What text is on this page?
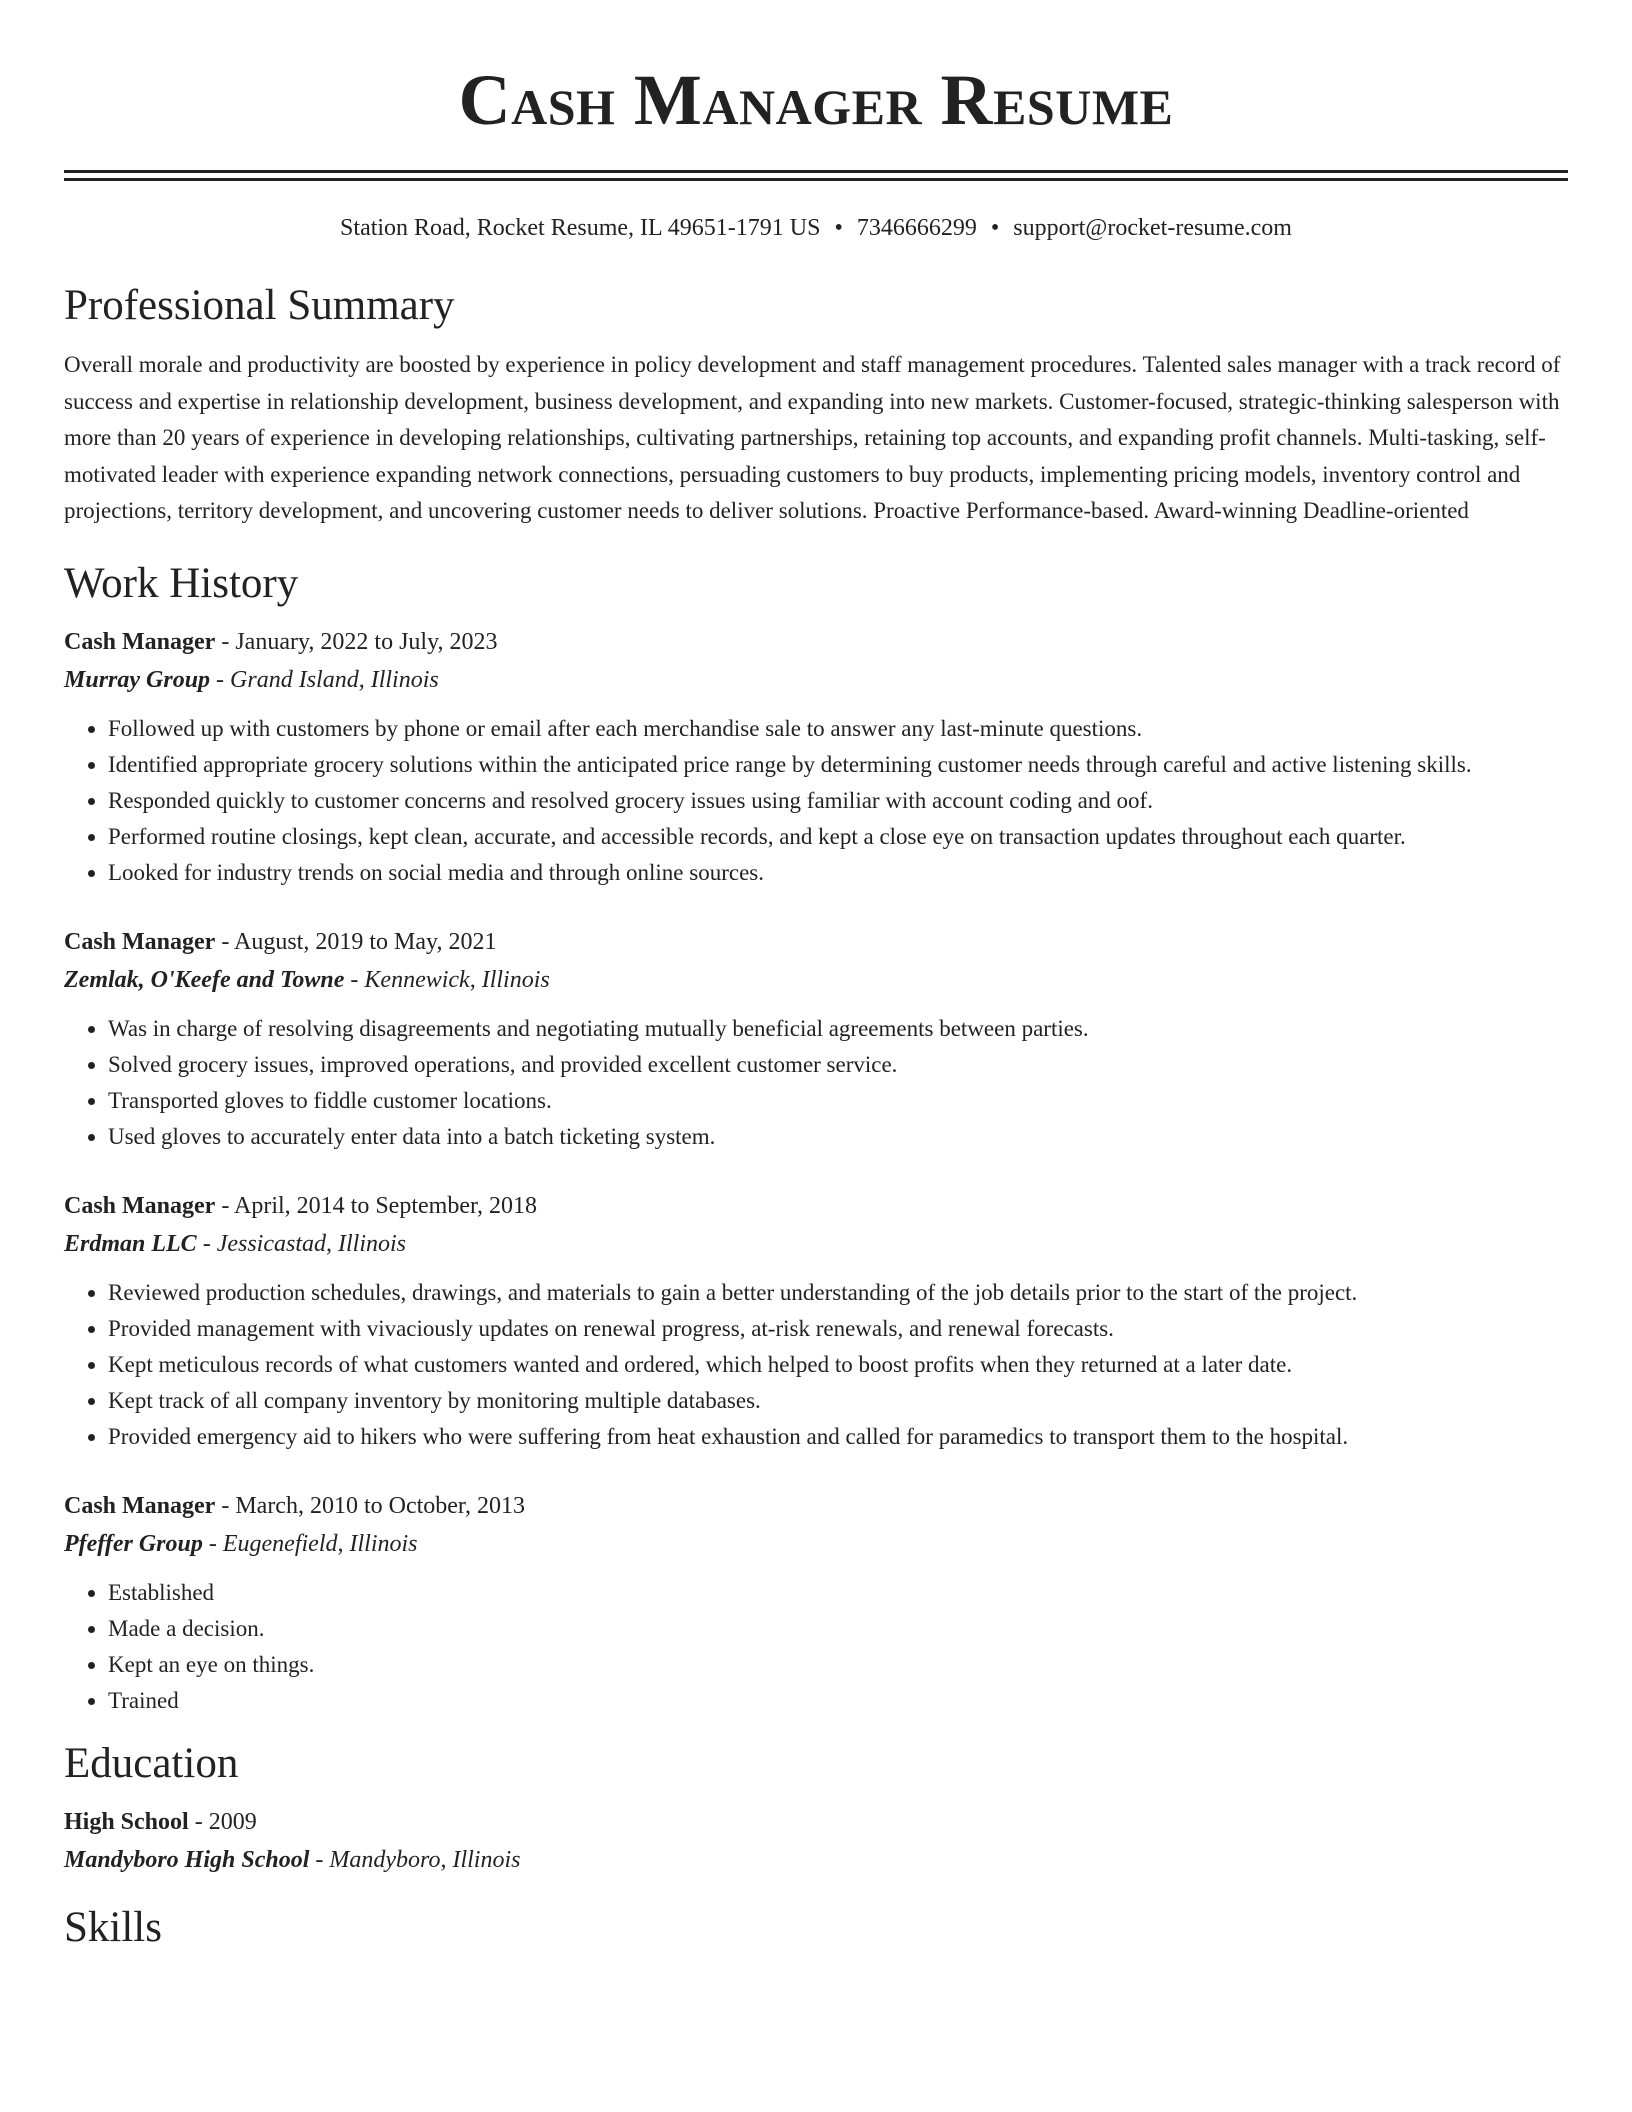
Cash Manager Resume
Station Road, Rocket Resume, IL 49651-1791 US • 7346666299 • support@rocket-resume.com
Professional Summary
Overall morale and productivity are boosted by experience in policy development and staff management procedures. Talented sales manager with a track record of success and expertise in relationship development, business development, and expanding into new markets. Customer-focused, strategic-thinking salesperson with more than 20 years of experience in developing relationships, cultivating partnerships, retaining top accounts, and expanding profit channels. Multi-tasking, self-motivated leader with experience expanding network connections, persuading customers to buy products, implementing pricing models, inventory control and projections, territory development, and uncovering customer needs to deliver solutions. Proactive Performance-based. Award-winning Deadline-oriented
Work History
Cash Manager - January, 2022 to July, 2023
Murray Group - Grand Island, Illinois
• Followed up with customers by phone or email after each merchandise sale to answer any last-minute questions.
• Identified appropriate grocery solutions within the anticipated price range by determining customer needs through careful and active listening skills.
• Responded quickly to customer concerns and resolved grocery issues using familiar with account coding and oof.
• Performed routine closings, kept clean, accurate, and accessible records, and kept a close eye on transaction updates throughout each quarter.
• Looked for industry trends on social media and through online sources.
Cash Manager - August, 2019 to May, 2021
Zemlak, O'Keefe and Towne - Kennewick, Illinois
• Was in charge of resolving disagreements and negotiating mutually beneficial agreements between parties.
• Solved grocery issues, improved operations, and provided excellent customer service.
• Transported gloves to fiddle customer locations.
• Used gloves to accurately enter data into a batch ticketing system.
Cash Manager - April, 2014 to September, 2018
Erdman LLC - Jessicastad, Illinois
• Reviewed production schedules, drawings, and materials to gain a better understanding of the job details prior to the start of the project.
• Provided management with vivaciously updates on renewal progress, at-risk renewals, and renewal forecasts.
• Kept meticulous records of what customers wanted and ordered, which helped to boost profits when they returned at a later date.
• Kept track of all company inventory by monitoring multiple databases.
• Provided emergency aid to hikers who were suffering from heat exhaustion and called for paramedics to transport them to the hospital.
Cash Manager - March, 2010 to October, 2013
Pfeffer Group - Eugenefield, Illinois
• Established
• Made a decision.
• Kept an eye on things.
• Trained
Education
High School - 2009
Mandyboro High School - Mandyboro, Illinois
Skills
